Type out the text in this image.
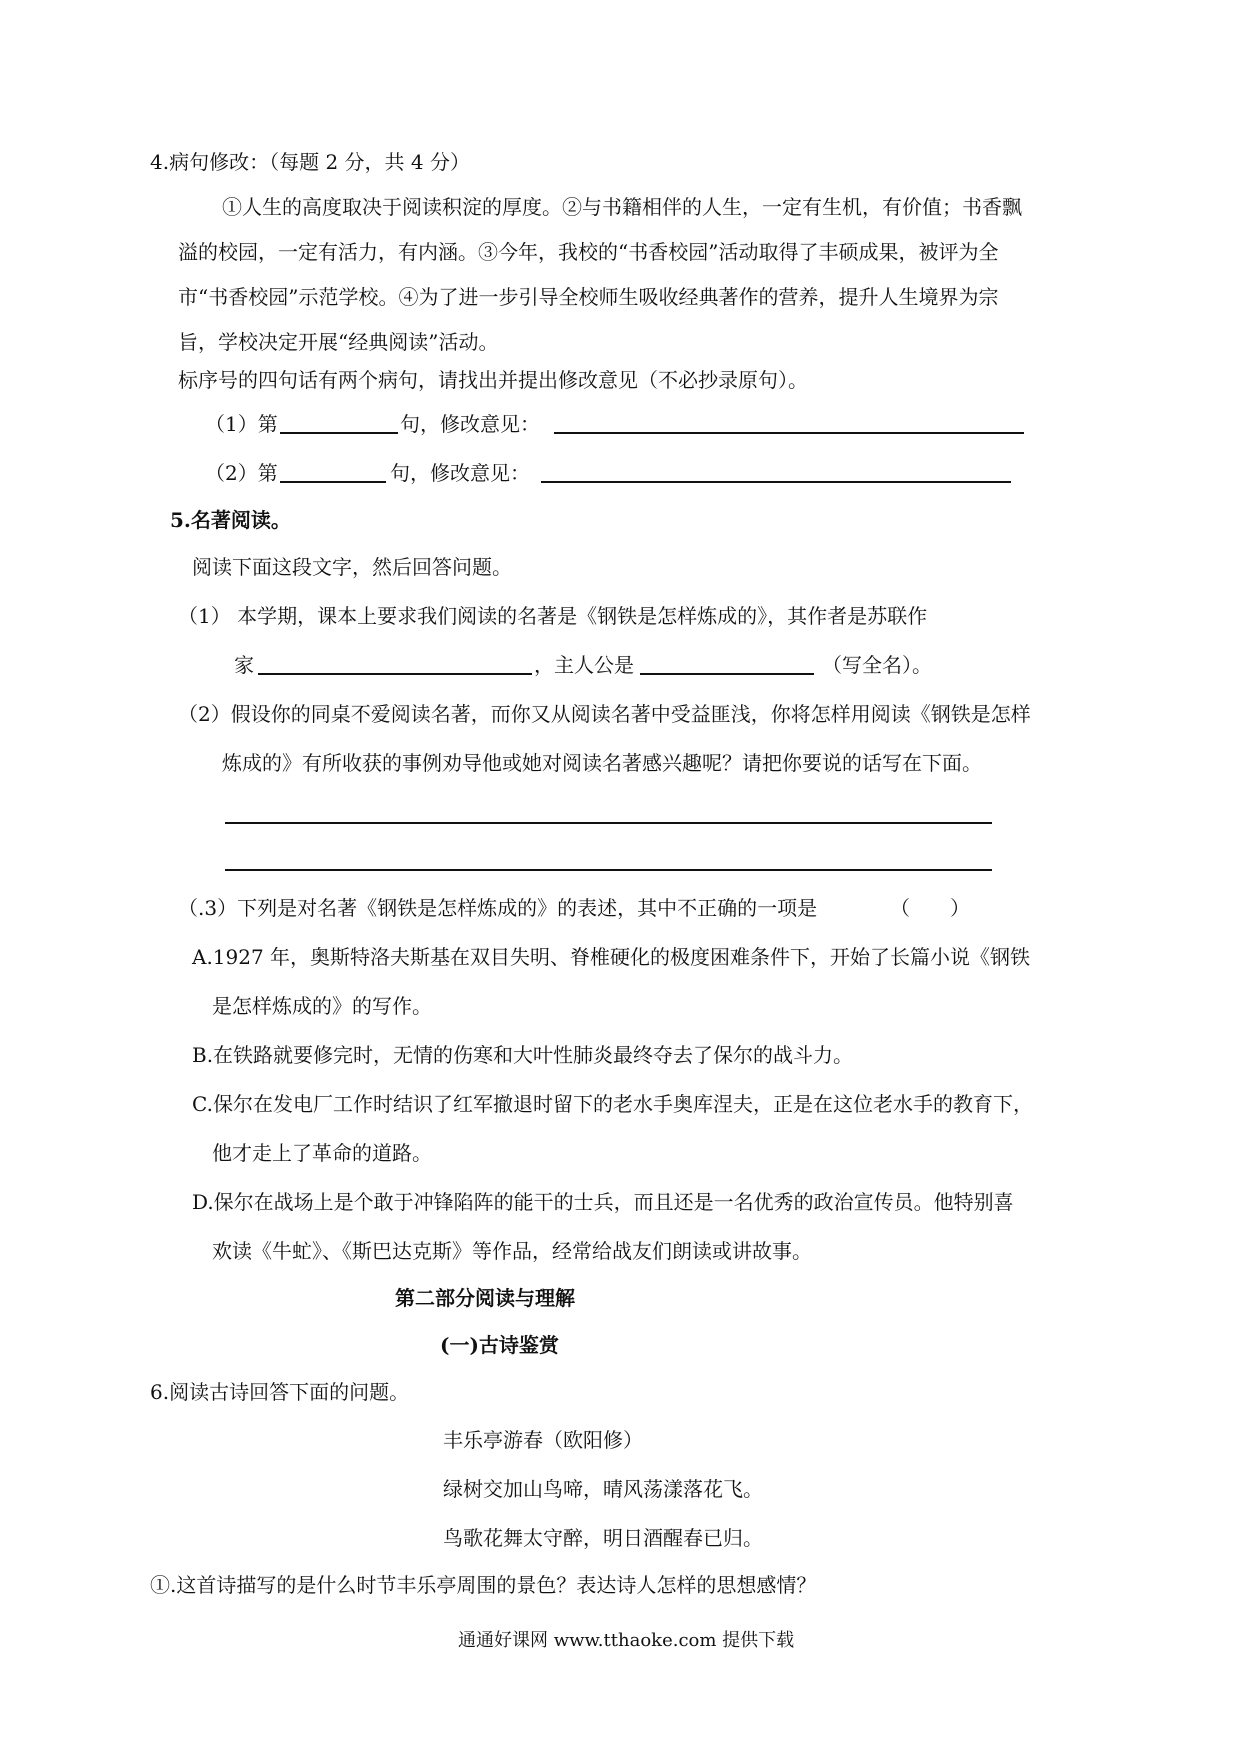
4.病句修改：（每题 2 分，共 4 分）
①人生的高度取决于阅读积淀的厚度。②与书籍相伴的人生，一定有生机，有价值；书香飘
溢的校园，一定有活力，有内涵。③今年，我校的“书香校园”活动取得了丰硕成果，被评为全
市“书香校园”示范学校。④为了进一步引导全校师生吸收经典著作的营养，提升人生境界为宗
旨，学校决定开展“经典阅读”活动。
标序号的四句话有两个病句，请找出并提出修改意见（不必抄录原句）。
（1）第	句，修改意见：
（2）第	句，修改意见：
5.名著阅读。
阅读下面这段文字，然后回答问题。
（1） 本学期，课本上要求我们阅读的名著是《钢铁是怎样炼成的》，其作者是苏联作
家	，主人公是	（写全名）。
（2）假设你的同桌不爱阅读名著，而你又从阅读名著中受益匪浅，你将怎样用阅读《钢铁是怎样
炼成的》有所收获的事例劝导他或她对阅读名著感兴趣呢？请把你要说的话写在下面。
（.3）下列是对名著《钢铁是怎样炼成的》的表述，其中不正确的一项是	（　　）
A.1927 年，奥斯特洛夫斯基在双目失明、脊椎硬化的极度困难条件下，开始了长篇小说《钢铁
是怎样炼成的》的写作。
B.在铁路就要修完时，无情的伤寒和大叶性肺炎最终夺去了保尔的战斗力。
C.保尔在发电厂工作时结识了红军撤退时留下的老水手奥库涅夫，正是在这位老水手的教育下，
他才走上了革命的道路。
D.保尔在战场上是个敢于冲锋陷阵的能干的士兵，而且还是一名优秀的政治宣传员。他特别喜
欢读《牛虻》、《斯巴达克斯》等作品，经常给战友们朗读或讲故事。
第二部分阅读与理解
(一)古诗鉴赏
6.阅读古诗回答下面的问题。
丰乐亭游春（欧阳修）
绿树交加山鸟啼，晴风荡漾落花飞。
鸟歌花舞太守醉，明日酒醒春已归。
①.这首诗描写的是什么时节丰乐亭周围的景色？表达诗人怎样的思想感情？
通通好课网 www.tthaoke.com 提供下载
